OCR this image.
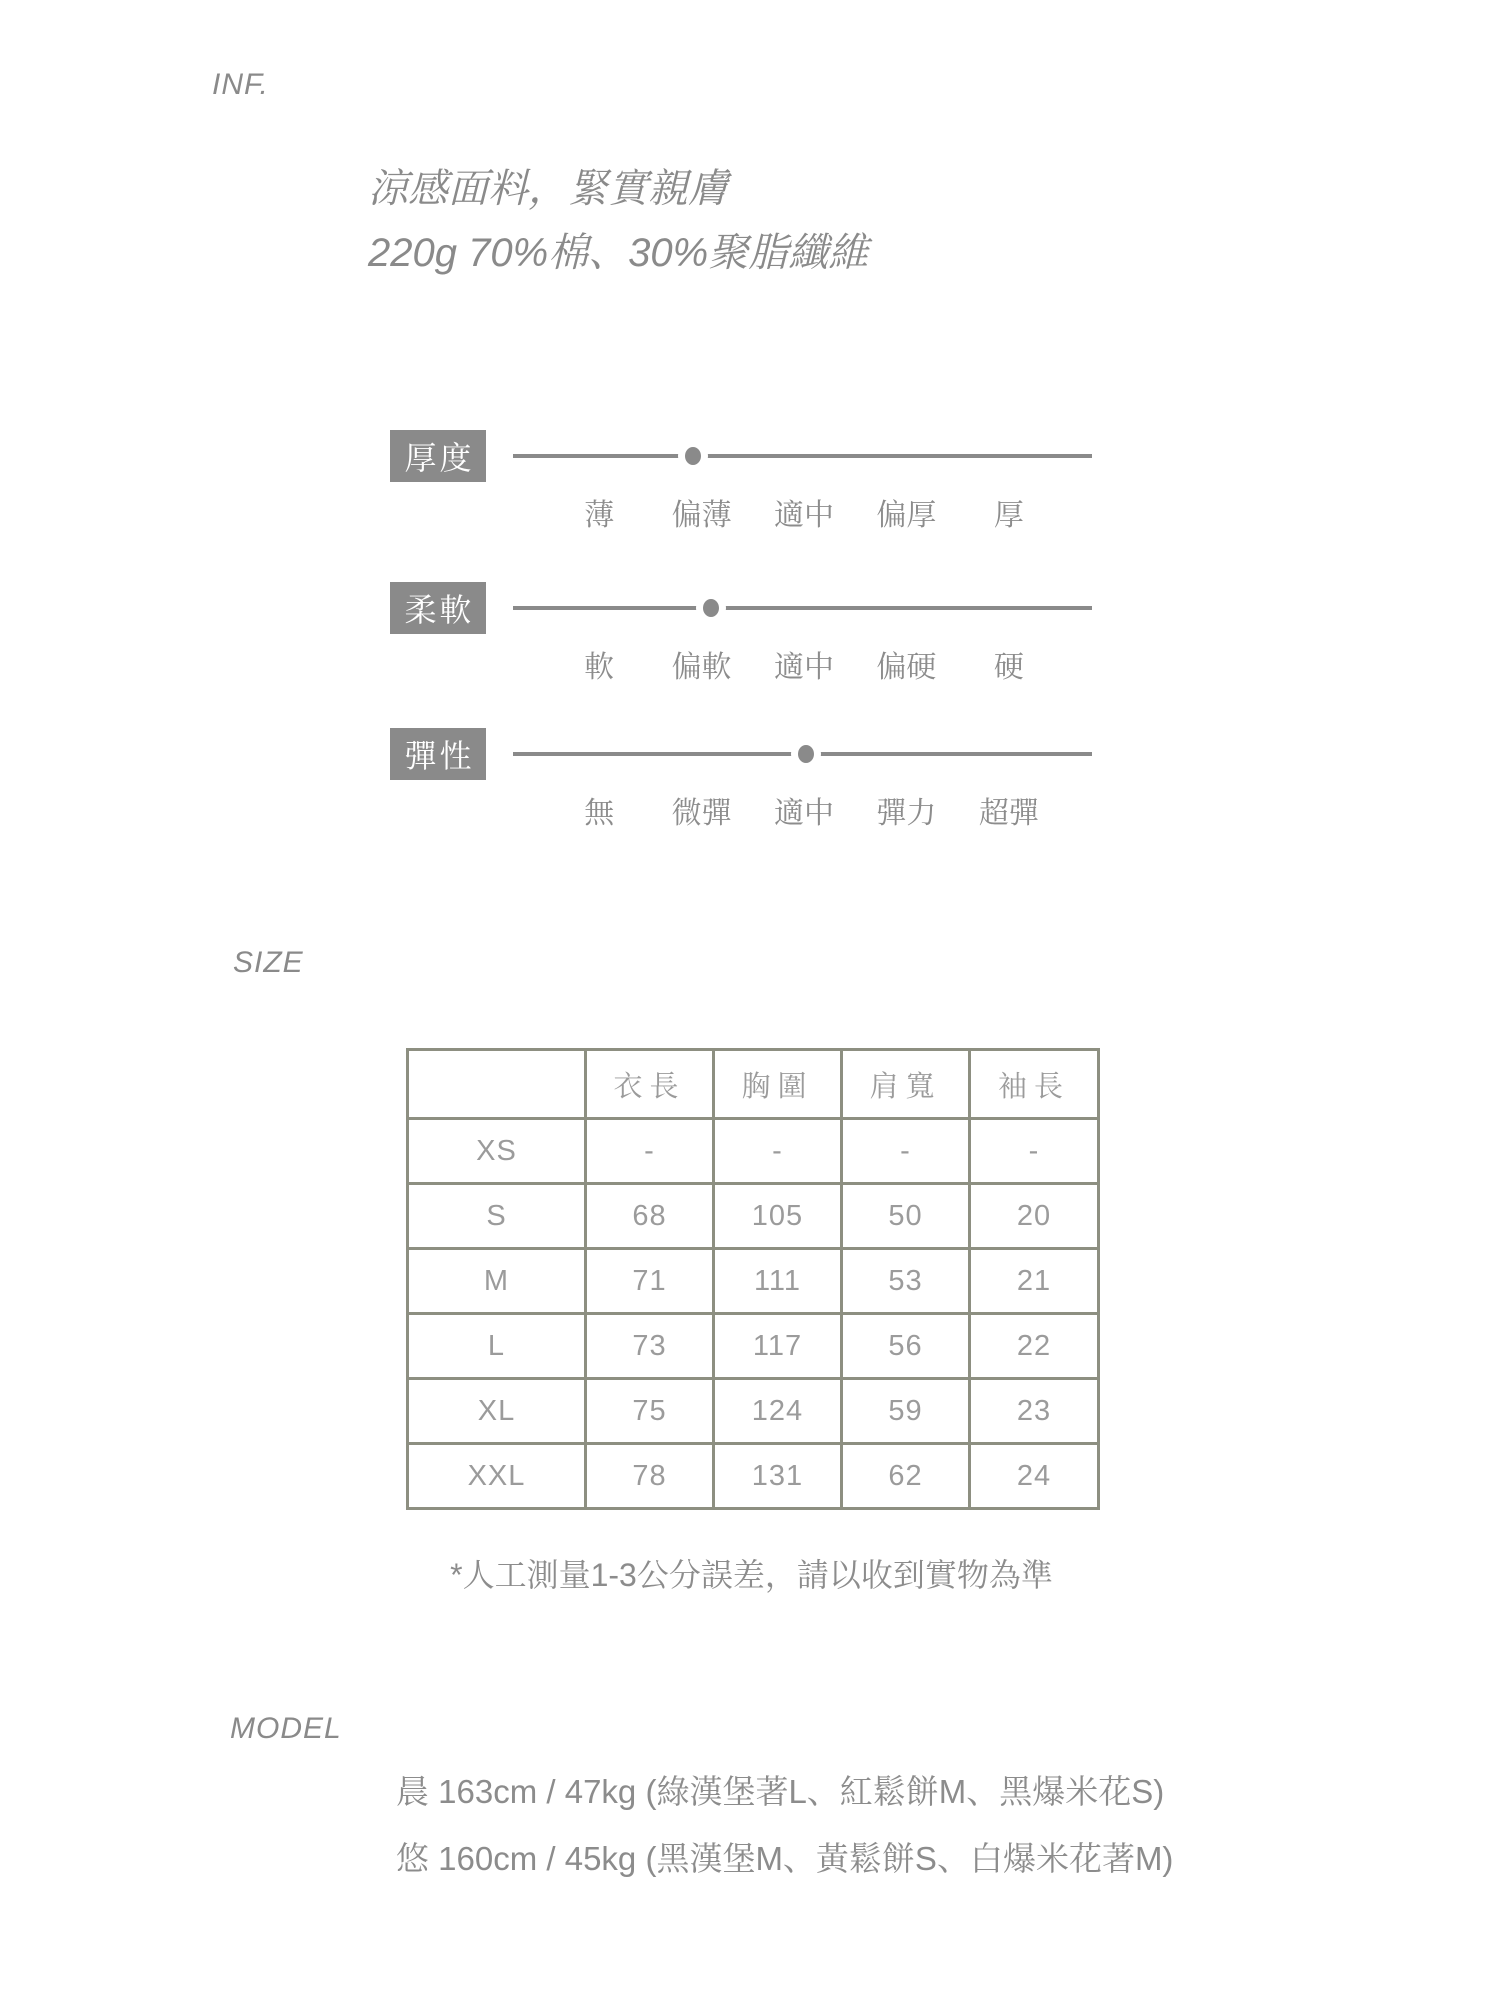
INF.
涼感面料，緊實親膚
220g 70%棉、30%聚脂纖維
厚度
薄	偏薄	適中	偏厚	厚
柔軟
軟	偏軟	適中	偏硬	硬
彈性
無	微彈	適中	彈力	超彈
SIZE
	衣長	胸圍	肩寬	袖長
XS	-	-	-	-
S	68	105	50	20
M	71	111	53	21
L	73	117	56	22
XL	75	124	59	23
XXL	78	131	62	24
*人工測量1-3公分誤差，請以收到實物為準
MODEL
晨 163cm / 47kg (綠漢堡著L、紅鬆餅M、黑爆米花S)
悠 160cm / 45kg (黑漢堡M、黃鬆餅S、白爆米花著M)
